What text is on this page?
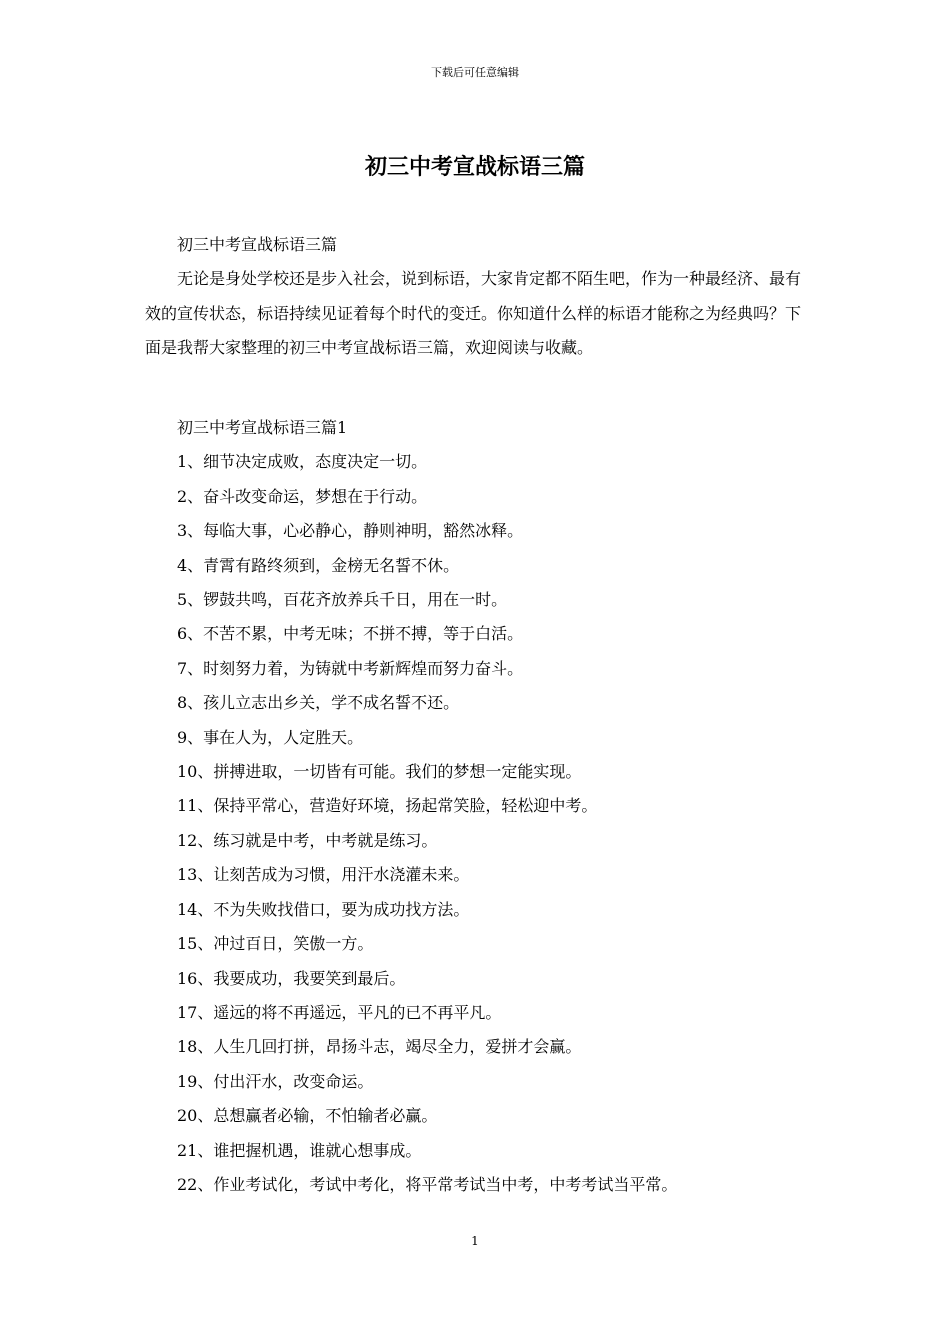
下载后可任意编辑
初三中考宣战标语三篇

初三中考宣战标语三篇

无论是身处学校还是步入社会，说到标语，大家肯定都不陌生吧，作为一种最经济、最有效的宣传状态，标语持续见证着每个时代的变迁。你知道什么样的标语才能称之为经典吗？下面是我帮大家整理的初三中考宣战标语三篇，欢迎阅读与收藏。

初三中考宣战标语三篇1

1、细节决定成败，态度决定一切。

2、奋斗改变命运，梦想在于行动。

3、每临大事，心必静心，静则神明，豁然冰释。

4、青霄有路终须到，金榜无名誓不休。

5、锣鼓共鸣，百花齐放养兵千日，用在一时。

6、不苦不累，中考无味；不拼不搏，等于白活。

7、时刻努力着，为铸就中考新辉煌而努力奋斗。

8、孩儿立志出乡关，学不成名誓不还。

9、事在人为，人定胜天。

10、拼搏进取，一切皆有可能。我们的梦想一定能实现。

11、保持平常心，营造好环境，扬起常笑脸，轻松迎中考。

12、练习就是中考，中考就是练习。

13、让刻苦成为习惯，用汗水浇灌未来。

14、不为失败找借口，要为成功找方法。

15、冲过百日，笑傲一方。

16、我要成功，我要笑到最后。

17、遥远的将不再遥远，平凡的已不再平凡。

18、人生几回打拼，昂扬斗志，竭尽全力，爱拼才会赢。

19、付出汗水，改变命运。

20、总想赢者必输，不怕输者必赢。

21、谁把握机遇，谁就心想事成。

22、作业考试化，考试中考化，将平常考试当中考，中考考试当平常。

1
